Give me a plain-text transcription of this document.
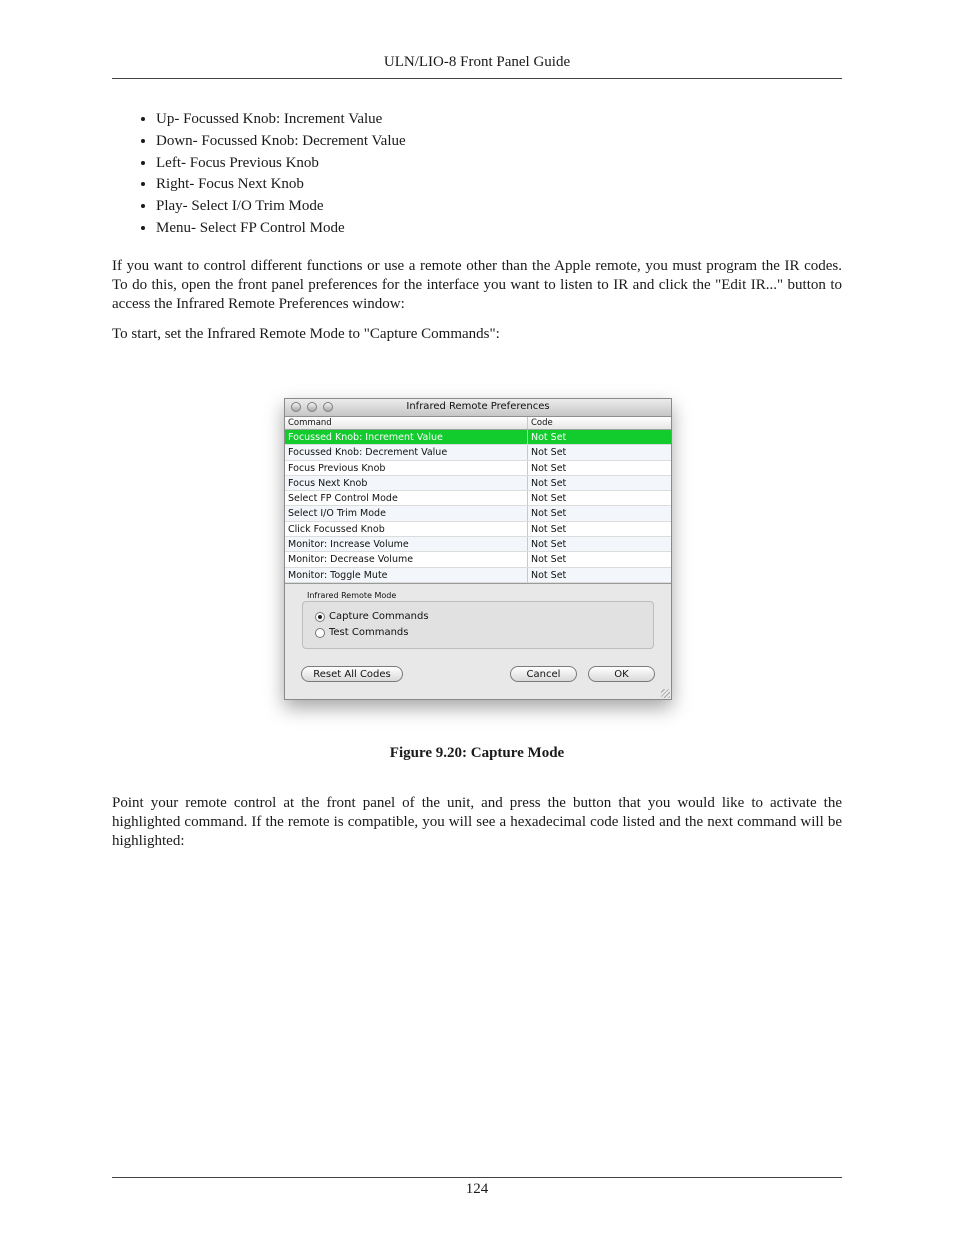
ULN/LIO-8 Front Panel Guide
• Up- Focussed Knob: Increment Value
• Down- Focussed Knob: Decrement Value
• Left- Focus Previous Knob
• Right- Focus Next Knob
• Play- Select I/O Trim Mode
• Menu- Select FP Control Mode

If you want to control different functions or use a remote other than the Apple remote, you must program the IR codes. To do this, open the front panel preferences for the interface you want to listen to IR and click the "Edit IR..." button to access the Infrared Remote Preferences window:

To start, set the Infrared Remote Mode to "Capture Commands":

Infrared Remote Preferences
Command	Code
Focussed Knob: Increment Value	Not Set
Focussed Knob: Decrement Value	Not Set
Focus Previous Knob	Not Set
Focus Next Knob	Not Set
Select FP Control Mode	Not Set
Select I/O Trim Mode	Not Set
Click Focussed Knob	Not Set
Monitor: Increase Volume	Not Set
Monitor: Decrease Volume	Not Set
Monitor: Toggle Mute	Not Set
Infrared Remote Mode
Capture Commands
Test Commands
Reset All Codes	Cancel	OK
Figure 9.20: Capture Mode

Point your remote control at the front panel of the unit, and press the button that you would like to activate the highlighted command. If the remote is compatible, you will see a hexadecimal code listed and the next command will be highlighted:

124
